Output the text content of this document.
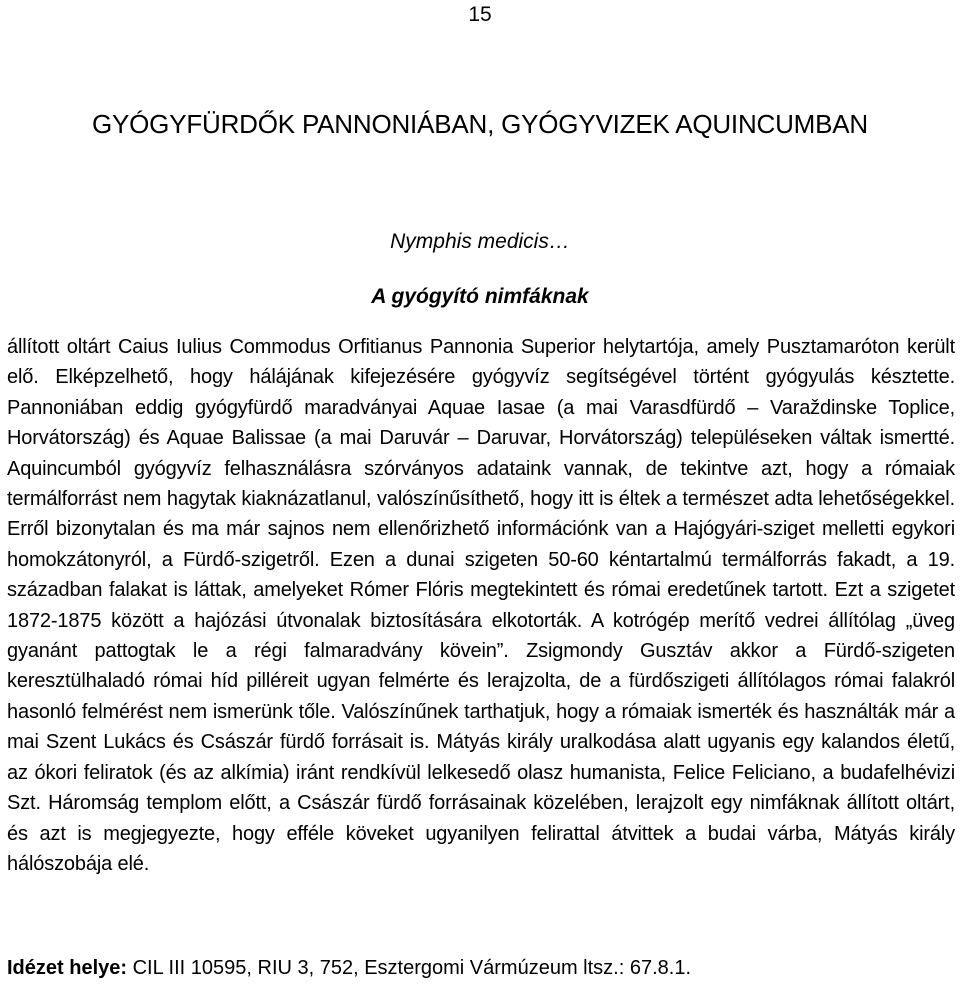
15
GYÓGYFÜRDŐK PANNONIÁBAN, GYÓGYVIZEK AQUINCUMBAN
Nymphis medicis…
A gyógyító nimfáknak

állított oltárt Caius Iulius Commodus Orfitianus Pannonia Superior helytartója, amely Pusztamaróton került elő. Elképzelhető, hogy hálájának kifejezésére gyógyvíz segítségével történt gyógyulás késztette. Pannoniában eddig gyógyfürdő maradványai Aquae Iasae (a mai Varasdfürdő – Varaždinske Toplice, Horvátország) és Aquae Balissae (a mai Daruvár – Daruvar, Horvátország) településeken váltak ismertté. Aquincumból gyógyvíz felhasználásra szórványos adataink vannak, de tekintve azt, hogy a rómaiak termálforrást nem hagytak kiaknázatlanul, valószínűsíthető, hogy itt is éltek a természet adta lehetőségekkel. Erről bizonytalan és ma már sajnos nem ellenőrizhető információnk van a Hajógyári-sziget melletti egykori homokzátonyról, a Fürdő-szigetről. Ezen a dunai szigeten 50-60 kéntartalmú termálforrás fakadt, a 19. században falakat is láttak, amelyeket Rómer Flóris megtekintett és római eredetűnek tartott. Ezt a szigetet 1872-1875 között a hajózási útvonalak biztosítására elkotorták. A kotrógép merítő vedrei állítólag „üveg gyanánt pattogtak le a régi falmaradvány kövein”. Zsigmondy Gusztáv akkor a Fürdő-szigeten keresztülhaladó római híd pilléreit ugyan felmérte és lerajzolta, de a fürdőszigeti állítólagos római falakról hasonló felmérést nem ismerünk tőle. Valószínűnek tarthatjuk, hogy a rómaiak ismerték és használták már a mai Szent Lukács és Császár fürdő forrásait is. Mátyás király uralkodása alatt ugyanis egy kalandos életű, az ókori feliratok (és az alkímia) iránt rendkívül lelkesedő olasz humanista, Felice Feliciano, a budafelhévizi Szt. Háromság templom előtt, a Császár fürdő forrásainak közelében, lerajzolt egy nimfáknak állított oltárt, és azt is megjegyezte, hogy efféle köveket ugyanilyen felirattal átvittek a budai várba, Mátyás király hálószobája elé.

Idézet helye: CIL III 10595, RIU 3, 752, Esztergomi Vármúzeum ltsz.: 67.8.1.
